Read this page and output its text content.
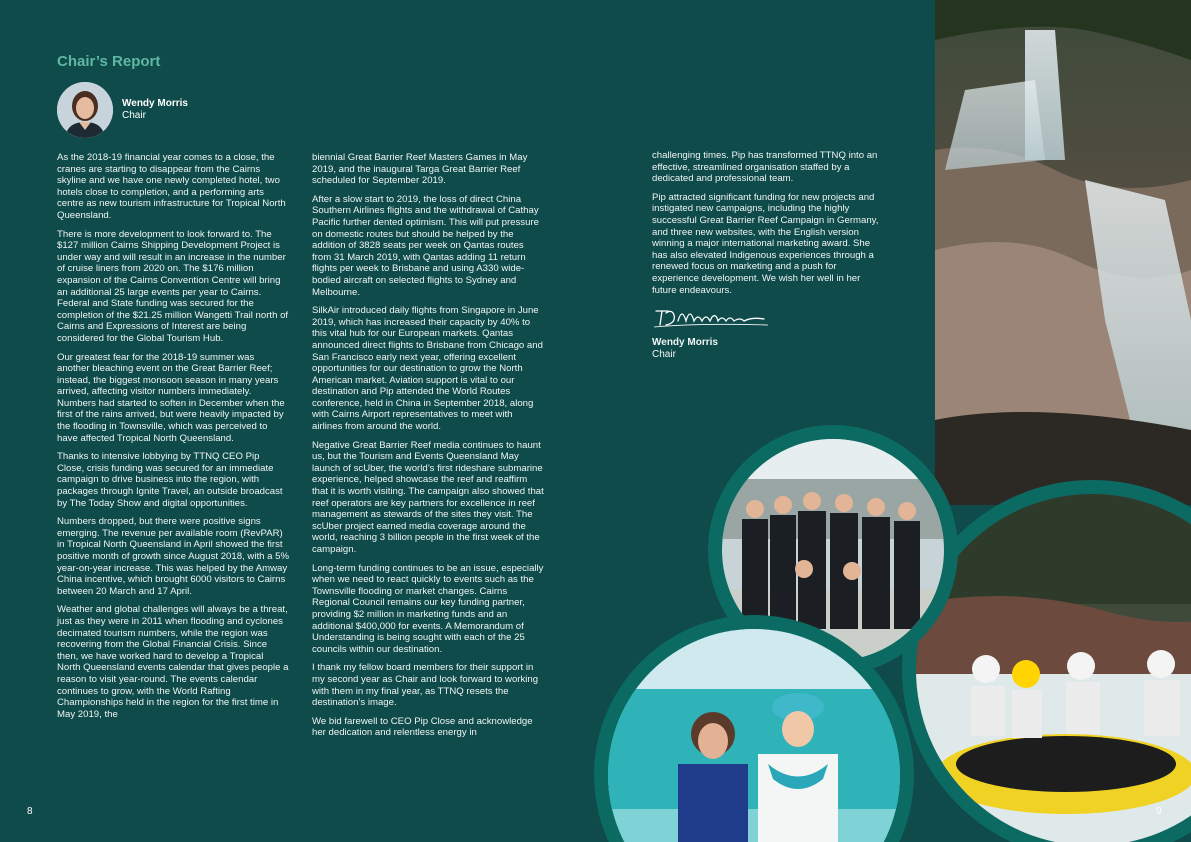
Chair’s Report
Wendy Morris
Chair

As the 2018-19 financial year comes to a close, the cranes are starting to disappear from the Cairns skyline and we have one newly completed hotel, two hotels close to completion, and a performing arts centre as new tourism infrastructure for Tropical North Queensland.

There is more development to look forward to. The $127 million Cairns Shipping Development Project is under way and will result in an increase in the number of cruise liners from 2020 on. The $176 million expansion of the Cairns Convention Centre will bring an additional 25 large events per year to Cairns. Federal and State funding was secured for the completion of the $21.25 million Wangetti Trail north of Cairns and Expressions of Interest are being considered for the Global Tourism Hub.

Our greatest fear for the 2018-19 summer was another bleaching event on the Great Barrier Reef; instead, the biggest monsoon season in many years arrived, affecting visitor numbers immediately. Numbers had started to soften in December when the first of the rains arrived, but were heavily impacted by the flooding in Townsville, which was perceived to have affected Tropical North Queensland.

Thanks to intensive lobbying by TTNQ CEO Pip Close, crisis funding was secured for an immediate campaign to drive business into the region, with packages through Ignite Travel, an outside broadcast by The Today Show and digital opportunities.

Numbers dropped, but there were positive signs emerging. The revenue per available room (RevPAR) in Tropical North Queensland in April showed the first positive month of growth since August 2018, with a 5% year-on-year increase. This was helped by the Amway China incentive, which brought 6000 visitors to Cairns between 20 March and 17 April.

Weather and global challenges will always be a threat, just as they were in 2011 when flooding and cyclones decimated tourism numbers, while the region was recovering from the Global Financial Crisis. Since then, we have worked hard to develop a Tropical North Queensland events calendar that gives people a reason to visit year-round. The events calendar continues to grow, with the World Rafting Championships held in the region for the first time in May 2019, the

biennial Great Barrier Reef Masters Games in May 2019, and the inaugural Targa Great Barrier Reef scheduled for September 2019.

After a slow start to 2019, the loss of direct China Southern Airlines flights and the withdrawal of Cathay Pacific further dented optimism. This will put pressure on domestic routes but should be helped by the addition of 3828 seats per week on Qantas routes from 31 March 2019, with Qantas adding 11 return flights per week to Brisbane and using A330 wide-bodied aircraft on selected flights to Sydney and Melbourne.

SilkAir introduced daily flights from Singapore in June 2019, which has increased their capacity by 40% to this vital hub for our European markets. Qantas announced direct flights to Brisbane from Chicago and San Francisco early next year, offering excellent opportunities for our destination to grow the North American market. Aviation support is vital to our destination and Pip attended the World Routes conference, held in China in September 2018, along with Cairns Airport representatives to meet with airlines from around the world.

Negative Great Barrier Reef media continues to haunt us, but the Tourism and Events Queensland May launch of scUber, the world’s first rideshare submarine experience, helped showcase the reef and reaffirm that it is worth visiting. The campaign also showed that reef operators are key partners for excellence in reef management as stewards of the sites they visit. The scUber project earned media coverage around the world, reaching 3 billion people in the first week of the campaign.

Long-term funding continues to be an issue, especially when we need to react quickly to events such as the Townsville flooding or market changes. Cairns Regional Council remains our key funding partner, providing $2 million in marketing funds and an additional $400,000 for events. A Memorandum of Understanding is being sought with each of the 25 councils within our destination.

I thank my fellow board members for their support in my second year as Chair and look forward to working with them in my final year, as TTNQ resets the destination’s image.

We bid farewell to CEO Pip Close and acknowledge her dedication and relentless energy in

challenging times. Pip has transformed TTNQ into an effective, streamlined organisation staffed by a dedicated and professional team.

Pip attracted significant funding for new projects and instigated new campaigns, including the highly successful Great Barrier Reef Campaign in Germany, and three new websites, with the English version winning a major international marketing award. She has also elevated Indigenous experiences through a renewed focus on marketing and a push for experience development. We wish her well in her future endeavours.

Wendy Morris
Chair
8	9
